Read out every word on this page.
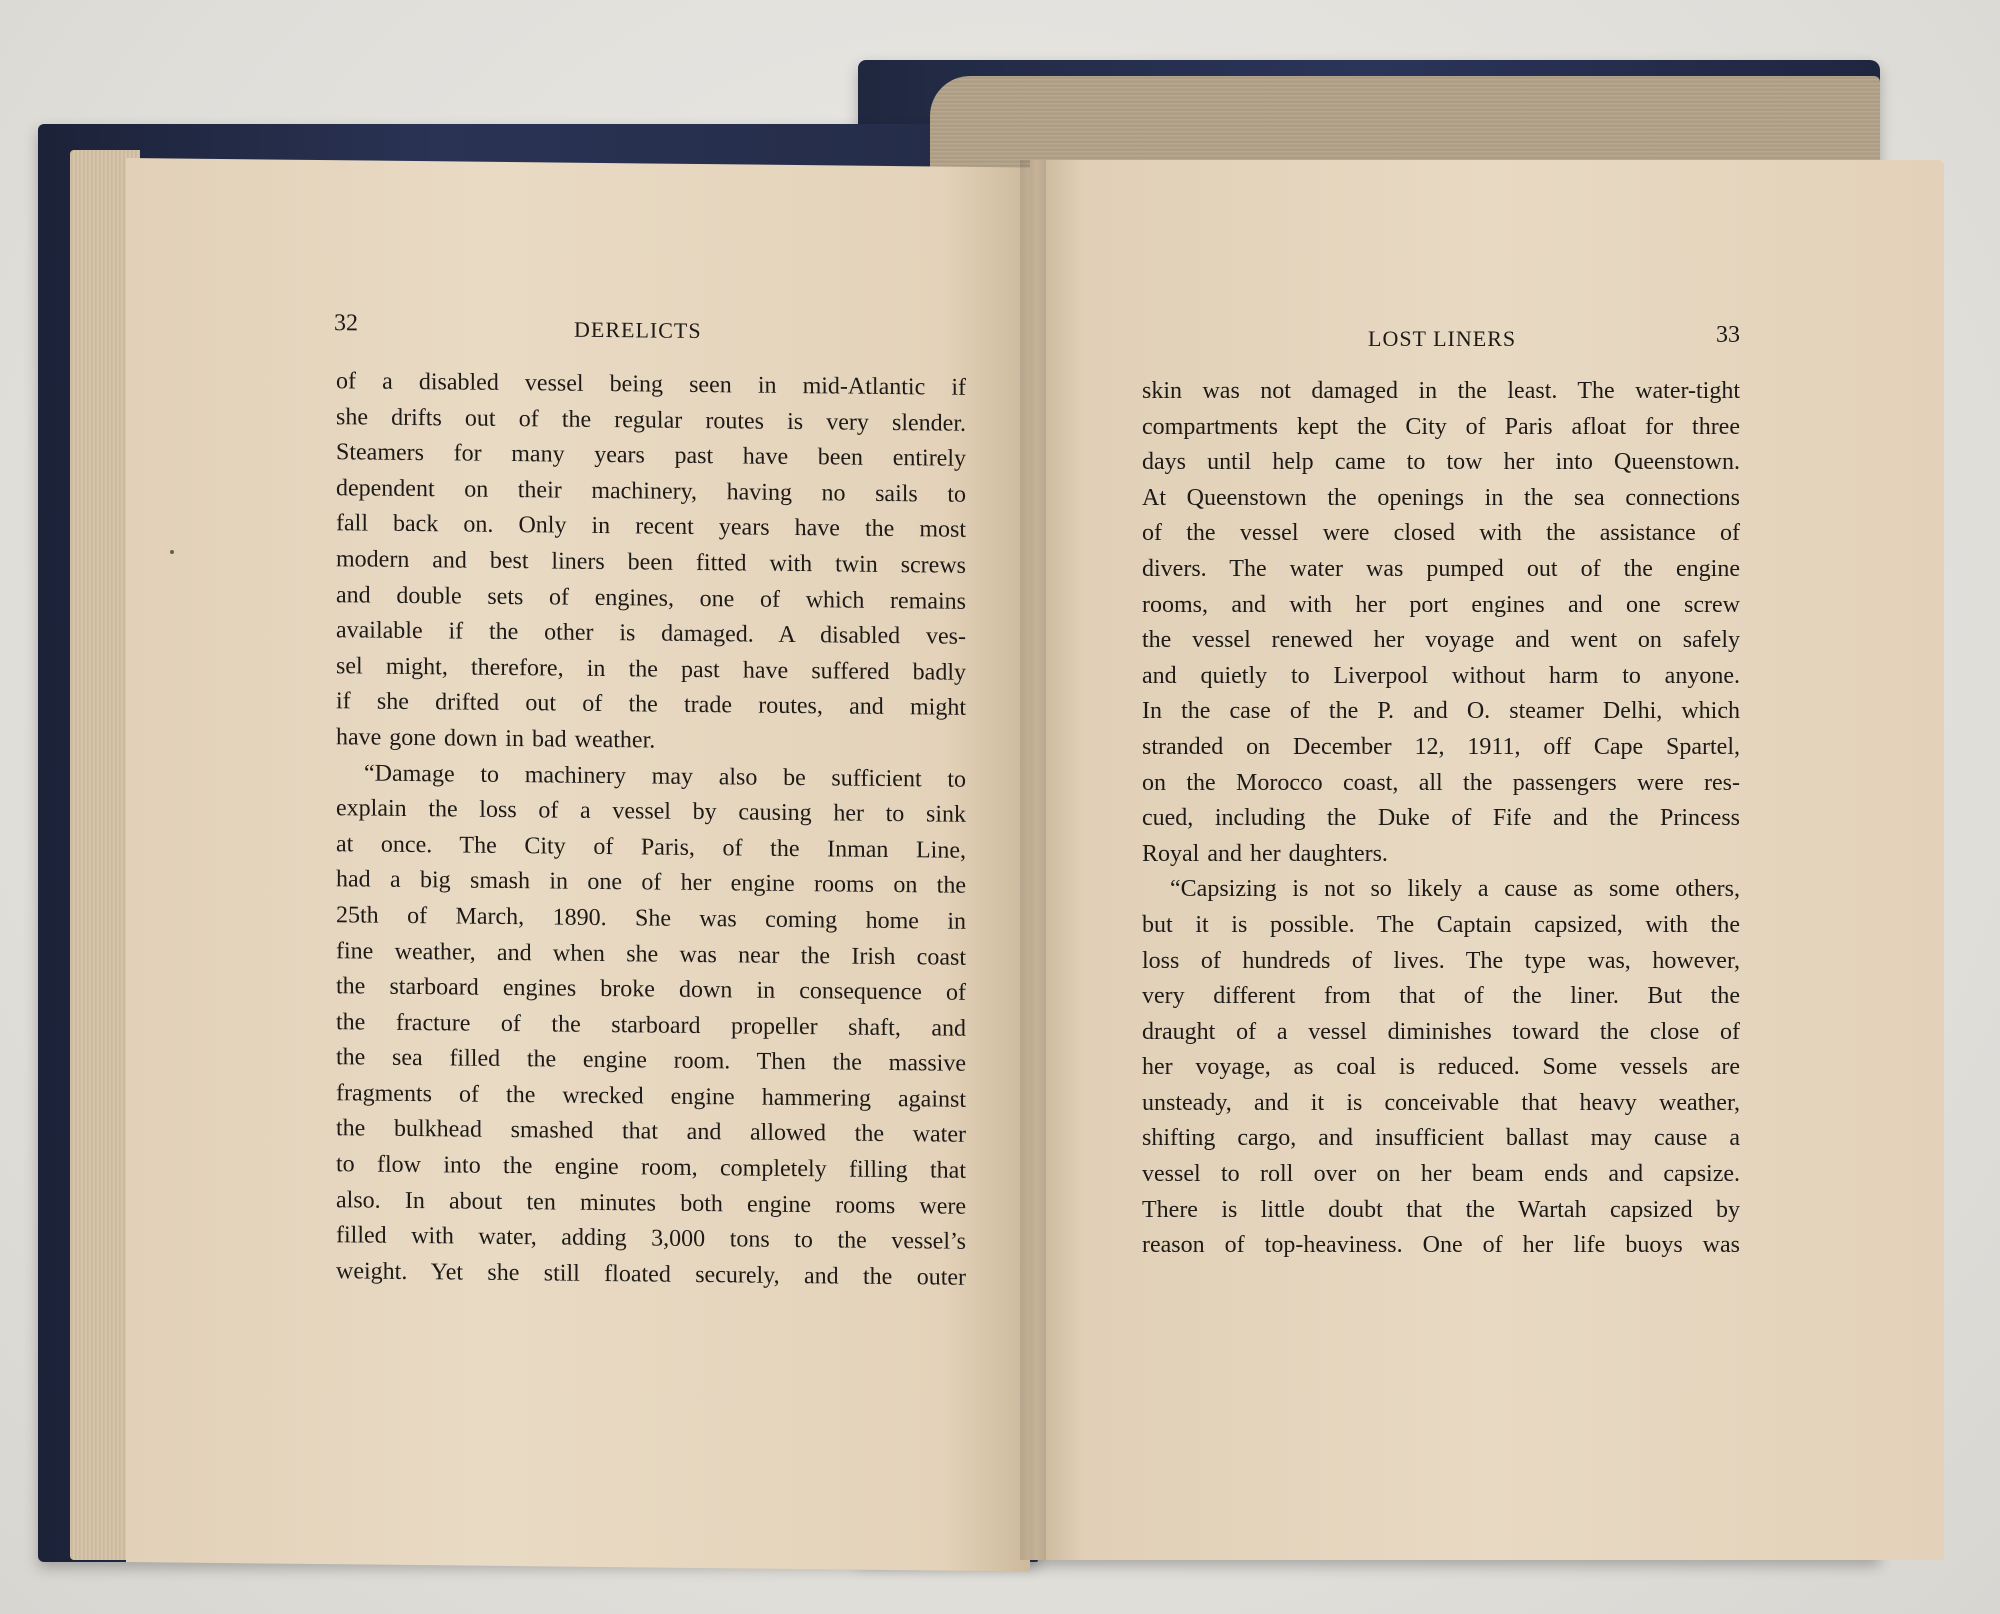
32	DERELICTS
of a disabled vessel being seen in mid-Atlantic if
she drifts out of the regular routes is very slender.
Steamers for many years past have been entirely
dependent on their machinery, having no sails to
fall back on. Only in recent years have the most
modern and best liners been fitted with twin screws
and double sets of engines, one of which remains
available if the other is damaged. A disabled ves-
sel might, therefore, in the past have suffered badly
if she drifted out of the trade routes, and might
have gone down in bad weather.
“Damage to machinery may also be sufficient to
explain the loss of a vessel by causing her to sink
at once. The City of Paris, of the Inman Line,
had a big smash in one of her engine rooms on the
25th of March, 1890. She was coming home in
fine weather, and when she was near the Irish coast
the starboard engines broke down in consequence of
the fracture of the starboard propeller shaft, and
the sea filled the engine room. Then the massive
fragments of the wrecked engine hammering against
the bulkhead smashed that and allowed the water
to flow into the engine room, completely filling that
also. In about ten minutes both engine rooms were
filled with water, adding 3,000 tons to the vessel’s
weight. Yet she still floated securely, and the outer
LOST LINERS	33
skin was not damaged in the least. The water-tight
compartments kept the City of Paris afloat for three
days until help came to tow her into Queenstown.
At Queenstown the openings in the sea connections
of the vessel were closed with the assistance of
divers. The water was pumped out of the engine
rooms, and with her port engines and one screw
the vessel renewed her voyage and went on safely
and quietly to Liverpool without harm to anyone.
In the case of the P. and O. steamer Delhi, which
stranded on December 12, 1911, off Cape Spartel,
on the Morocco coast, all the passengers were res-
cued, including the Duke of Fife and the Princess
Royal and her daughters.
“Capsizing is not so likely a cause as some others,
but it is possible. The Captain capsized, with the
loss of hundreds of lives. The type was, however,
very different from that of the liner. But the
draught of a vessel diminishes toward the close of
her voyage, as coal is reduced. Some vessels are
unsteady, and it is conceivable that heavy weather,
shifting cargo, and insufficient ballast may cause a
vessel to roll over on her beam ends and capsize.
There is little doubt that the Wartah capsized by
reason of top-heaviness. One of her life buoys was
